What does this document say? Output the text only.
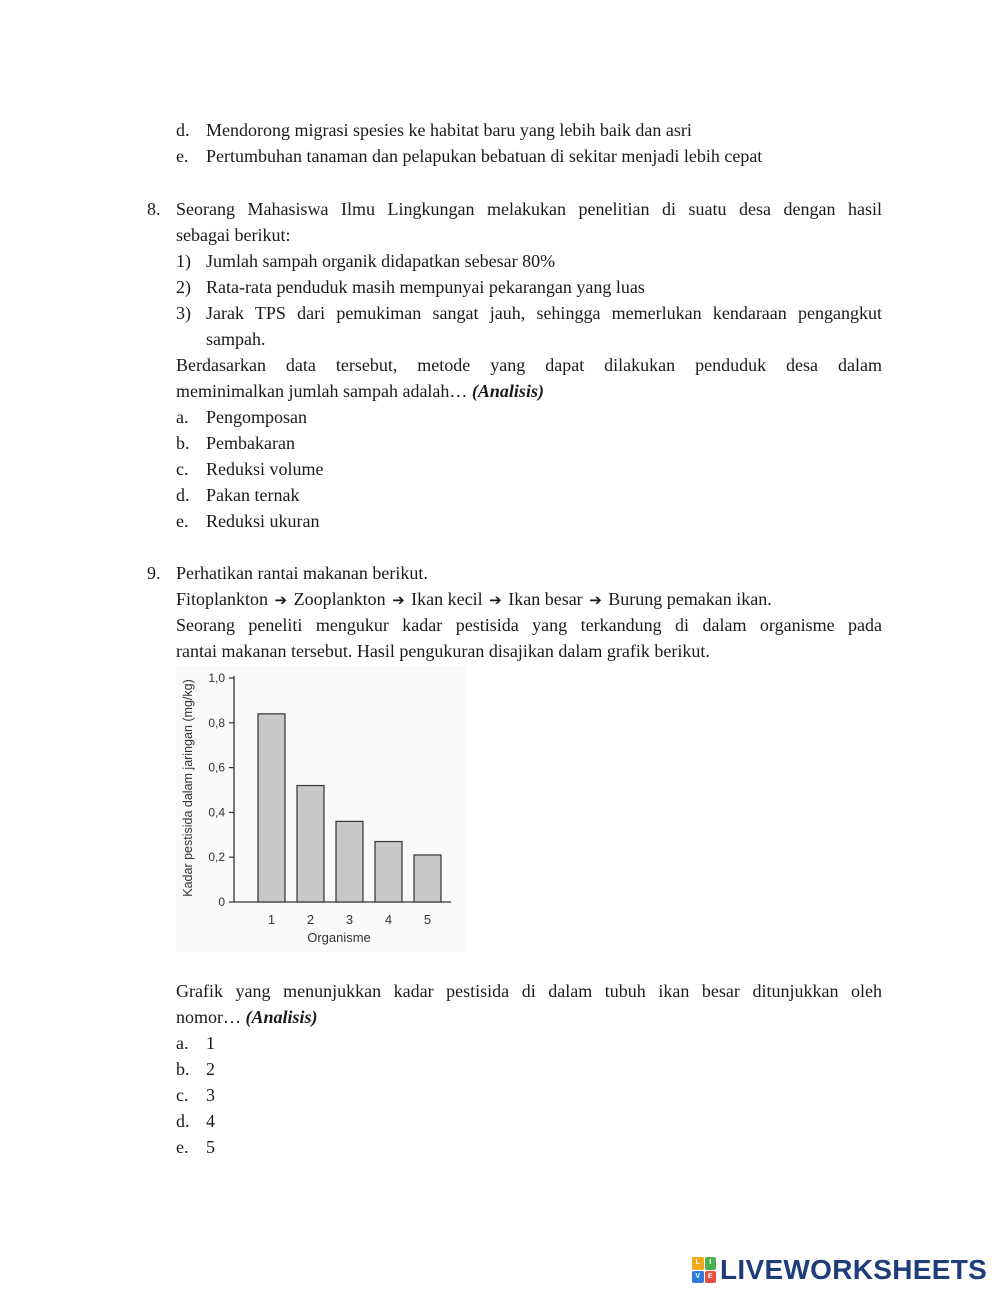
d. Mendorong migrasi spesies ke habitat baru yang lebih baik dan asri
e. Pertumbuhan tanaman dan pelapukan bebatuan di sekitar menjadi lebih cepat
8. Seorang Mahasiswa Ilmu Lingkungan melakukan penelitian di suatu desa dengan hasil
sebagai berikut:
1) Jumlah sampah organik didapatkan sebesar 80%
2) Rata-rata penduduk masih mempunyai pekarangan yang luas
3) Jarak TPS dari pemukiman sangat jauh, sehingga memerlukan kendaraan pengangkut
sampah.
Berdasarkan data tersebut, metode yang dapat dilakukan penduduk desa dalam
meminimalkan jumlah sampah adalah… (Analisis)
a. Pengomposan
b. Pembakaran
c. Reduksi volume
d. Pakan ternak
e. Reduksi ukuran
9. Perhatikan rantai makanan berikut.
Fitoplankton ➔ Zooplankton ➔ Ikan kecil ➔ Ikan besar ➔ Burung pemakan ikan.
Seorang peneliti mengukur kadar pestisida yang terkandung di dalam organisme pada
rantai makanan tersebut. Hasil pengukuran disajikan dalam grafik berikut.
Kadar pestisida dalam jaringan (mg/kg)
0
0,2
0,4
0,6
0,8
1,0
1 2 3 4 5
Organisme
Grafik yang menunjukkan kadar pestisida di dalam tubuh ikan besar ditunjukkan oleh
nomor… (Analisis)
a. 1
b. 2
c. 3
d. 4
e. 5
L	I
V	E LIVEWORKSHEETS
